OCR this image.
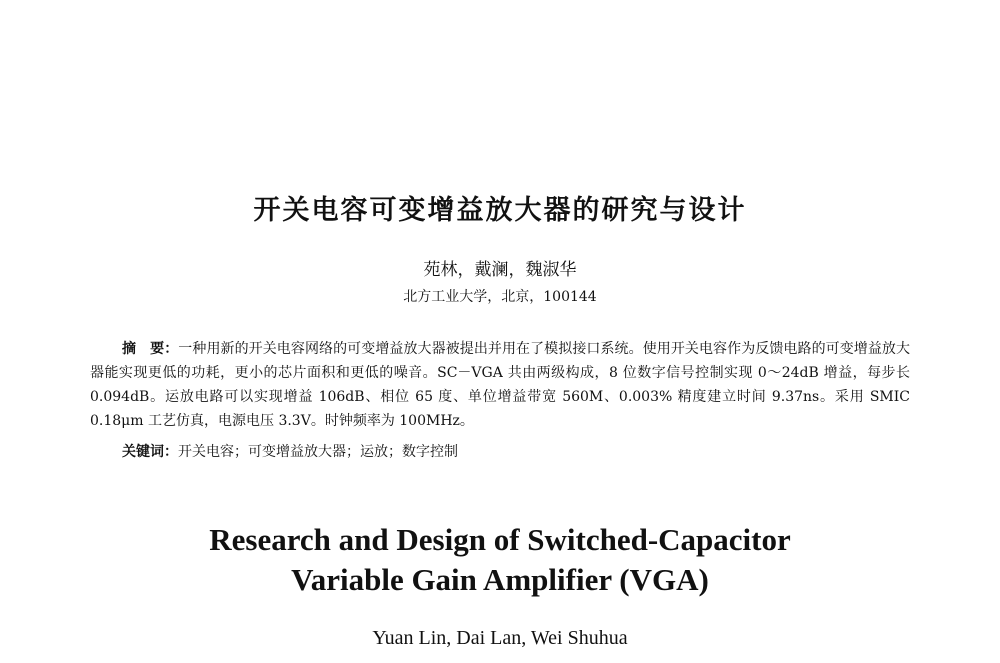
开关电容可变增益放大器的研究与设计
苑林，戴澜，魏淑华
北方工业大学，北京，100144
摘　要：一种用新的开关电容网络的可变增益放大器被提出并用在了模拟接口系统。使用开关电容作为反馈电路的可变增益放大器能实现更低的功耗，更小的芯片面积和更低的噪音。SC－VGA 共由两级构成，8 位数字信号控制实现 0～24dB 增益，每步长 0.094dB。运放电路可以实现增益 106dB、相位 65 度、单位增益带宽 560M、0.003% 精度建立时间 9.37ns。采用 SMIC 0.18μm 工艺仿真，电源电压 3.3V。时钟频率为 100MHz。
关键词：开关电容；可变增益放大器；运放；数字控制
Research and Design of Switched-Capacitor
Variable Gain Amplifier (VGA)
Yuan Lin, Dai Lan, Wei Shuhua
